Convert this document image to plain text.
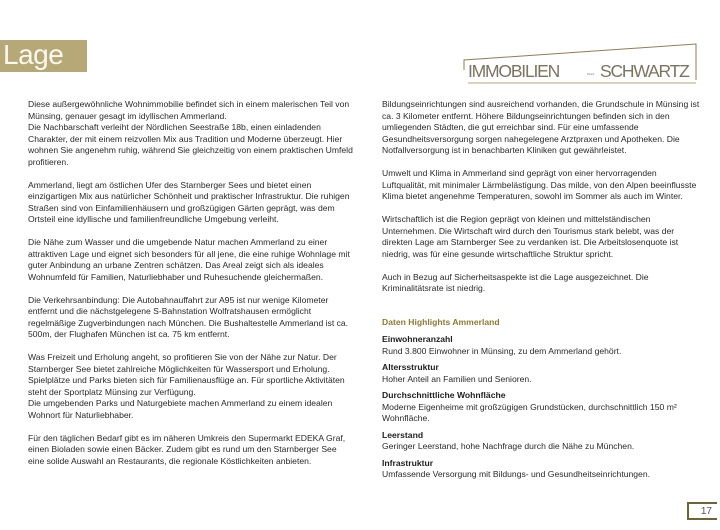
Lage
IMMOBILIEN	Petra SCHWARTZ

Diese außergewöhnliche Wohnimmobilie befindet sich in einem malerischen Teil von Münsing, genauer gesagt im idyllischen Ammerland.
Die Nachbarschaft verleiht der Nördlichen Seestraße 18b, einen einladenden Charakter, der mit einem reizvollen Mix aus Tradition und Moderne überzeugt. Hier wohnen Sie angenehm ruhig, während Sie gleichzeitig von einem praktischen Umfeld profitieren.

Ammerland, liegt am östlichen Ufer des Starnberger Sees und bietet einen einzigartigen Mix aus natürlicher Schönheit und praktischer Infrastruktur. Die ruhigen Straßen sind von Einfamilienhäusern und großzügigen Gärten geprägt, was dem Ortsteil eine idyllische und familienfreundliche Umgebung verleiht.

Die Nähe zum Wasser und die umgebende Natur machen Ammerland zu einer attraktiven Lage und eignet sich besonders für all jene, die eine ruhige Wohnlage mit guter Anbindung an urbane Zentren schätzen. Das Areal zeigt sich als ideales Wohnumfeld für Familien, Naturliebhaber und Ruhesuchende gleichermaßen.

Die Verkehrsanbindung: Die Autobahnauffahrt zur A95 ist nur wenige Kilometer entfernt und die nächstgelegene S-Bahnstation Wolfratshausen ermöglicht regelmäßige Zugverbindungen nach München. Die Bushaltestelle Ammerland ist ca. 500m, der Flughafen München ist ca. 75 km entfernt.

Was Freizeit und Erholung angeht, so profitieren Sie von der Nähe zur Natur. Der Starnberger See bietet zahlreiche Möglichkeiten für Wassersport und Erholung. Spielplätze und Parks bieten sich für Familienausflüge an. Für sportliche Aktivitäten steht der Sportplatz Münsing zur Verfügung.
Die umgebenden Parks und Naturgebiete machen Ammerland zu einem idealen Wohnort für Naturliebhaber.

Für den täglichen Bedarf gibt es im näheren Umkreis den Supermarkt EDEKA Graf, einen Bioladen sowie einen Bäcker. Zudem gibt es rund um den Starnberger See eine solide Auswahl an Restaurants, die regionale Köstlichkeiten anbieten.

Bildungseinrichtungen sind ausreichend vorhanden, die Grundschule in Münsing ist ca. 3 Kilometer entfernt. Höhere Bildungseinrichtungen befinden sich in den umliegenden Städten, die gut erreichbar sind. Für eine umfassende Gesundheitsversorgung sorgen nahegelegene Arztpraxen und Apotheken. Die Notfallversorgung ist in benachbarten Kliniken gut gewährleistet.

Umwelt und Klima in Ammerland sind geprägt von einer hervorragenden Luftqualität, mit minimaler Lärmbelästigung. Das milde, von den Alpen beeinflusste Klima bietet angenehme Temperaturen, sowohl im Sommer als auch im Winter.

Wirtschaftlich ist die Region geprägt von kleinen und mittelständischen Unternehmen. Die Wirtschaft wird durch den Tourismus stark belebt, was der direkten Lage am Starnberger See zu verdanken ist. Die Arbeitslosenquote ist niedrig, was für eine gesunde wirtschaftliche Struktur spricht.

Auch in Bezug auf Sicherheitsaspekte ist die Lage ausgezeichnet. Die Kriminalitätsrate ist niedrig.

Daten Highlights Ammerland
Einwohneranzahl
Rund 3.800 Einwohner in Münsing, zu dem Ammerland gehört.
Altersstruktur
Hoher Anteil an Familien und Senioren.
Durchschnittliche Wohnfläche
Moderne Eigenheime mit großzügigen Grundstücken, durchschnittlich 150 m² Wohnfläche.
Leerstand
Geringer Leerstand, hohe Nachfrage durch die Nähe zu München.
Infrastruktur
Umfassende Versorgung mit Bildungs- und Gesundheitseinrichtungen.
17
